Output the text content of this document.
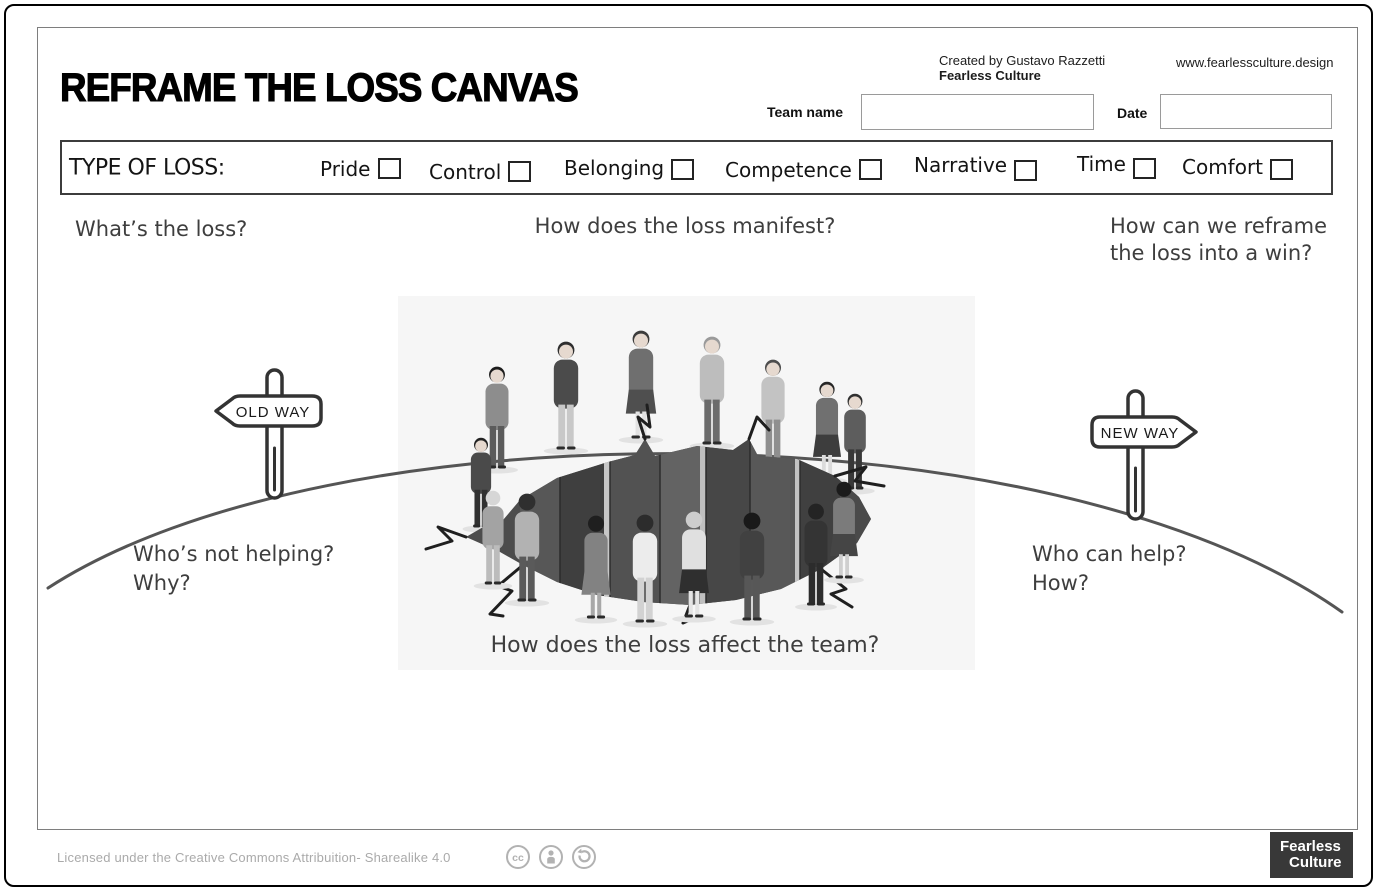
OLD WAY
NEW WAY
REFRAME THE LOSS CANVAS
Created by Gustavo Razzetti
Fearless Culture
www.fearlessculture.design
Team name	Date
TYPE OF LOSS:	Pride	Control	Belonging	Competence	Narrative	Time	Comfort
What’s the loss?	How does the loss manifest?	How can we reframe
the loss into a win?
Who’s not helping?
Why?
Who can help?
How?
How does the loss affect the team?
Licensed under the Creative Commons Attribuition- Sharealike 4.0	cc
Fearless
Culture
